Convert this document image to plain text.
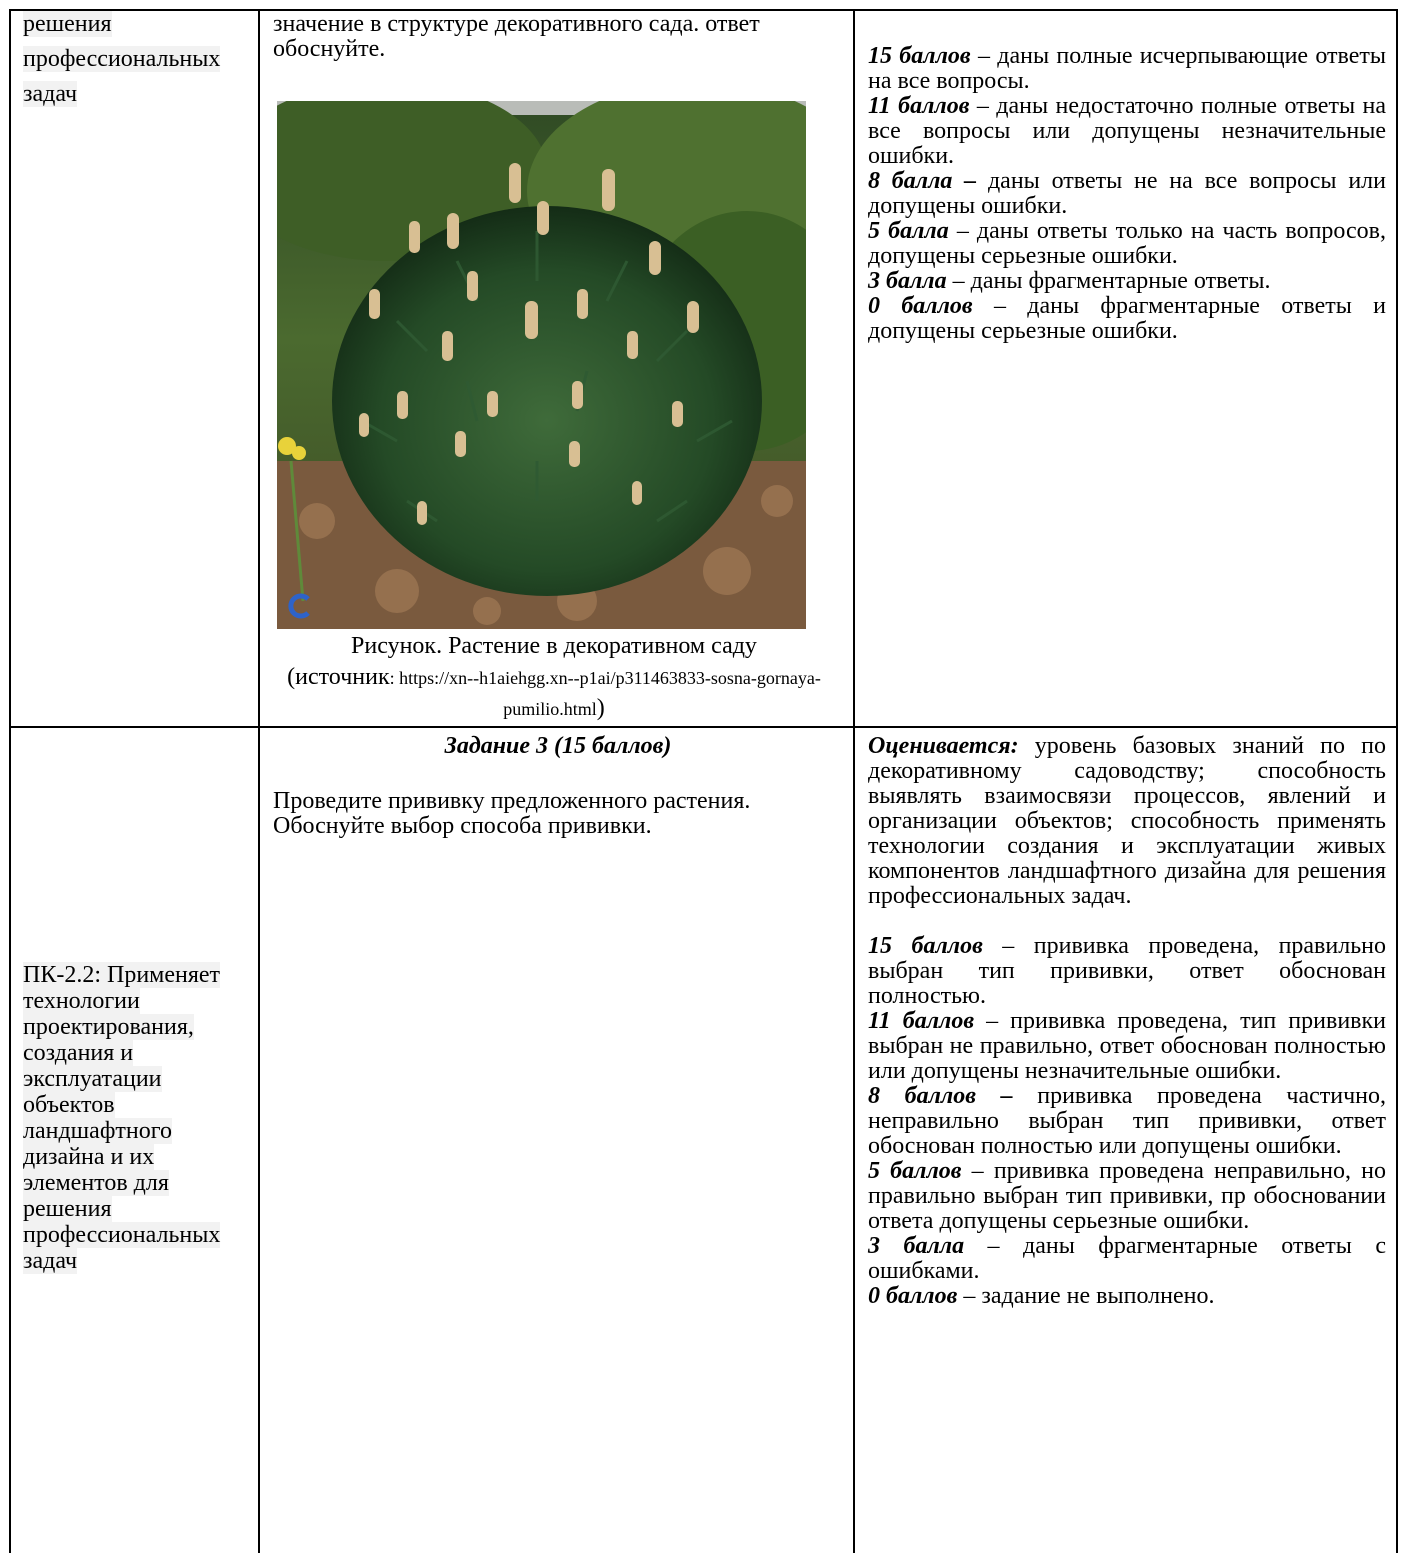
решения
профессиональных
задач
значение в структуре декоративного сада. ответ
обоснуйте.
Рисунок. Растение в декоративном саду
(источник: https://xn--h1aiehgg.xn--p1ai/p311463833-sosna-gornaya-pumilio.html)

15 баллов – даны полные исчерпывающие ответы на все вопросы.

11 баллов – даны недостаточно полные ответы на все вопросы или допущены незначительные ошибки.

8 балла – даны ответы не на все вопросы или допущены ошибки.

5 балла – даны ответы только на часть вопросов, допущены серьезные ошибки.

3 балла – даны фрагментарные ответы.

0 баллов – даны фрагментарные ответы и допущены серьезные ошибки.

ПК-2.2: Применяет
технологии
проектирования,
создания и
эксплуатации
объектов
ландшафтного
дизайна и их
элементов для
решения
профессиональных
задач
Задание 3 (15 баллов)
Проведите прививку предложенного растения.
Обоснуйте выбор способа прививки.

Оценивается: уровень базовых знаний по по декоративному садоводству; способность выявлять взаимосвязи процессов, явлений и организации объектов; способность применять технологии создания и эксплуатации живых компонентов ландшафтного дизайна для решения профессиональных задач.

15 баллов – прививка проведена, правильно выбран тип прививки, ответ обоснован полностью.

11 баллов – прививка проведена, тип прививки выбран не правильно, ответ обоснован полностью или допущены незначительные ошибки.

8 баллов – прививка проведена частично, неправильно выбран тип прививки, ответ обоснован полностью или допущены ошибки.

5 баллов – прививка проведена неправильно, но правильно выбран тип прививки, пр обосновании ответа допущены серьезные ошибки.

3 балла – даны фрагментарные ответы с ошибками.

0 баллов – задание не выполнено.
